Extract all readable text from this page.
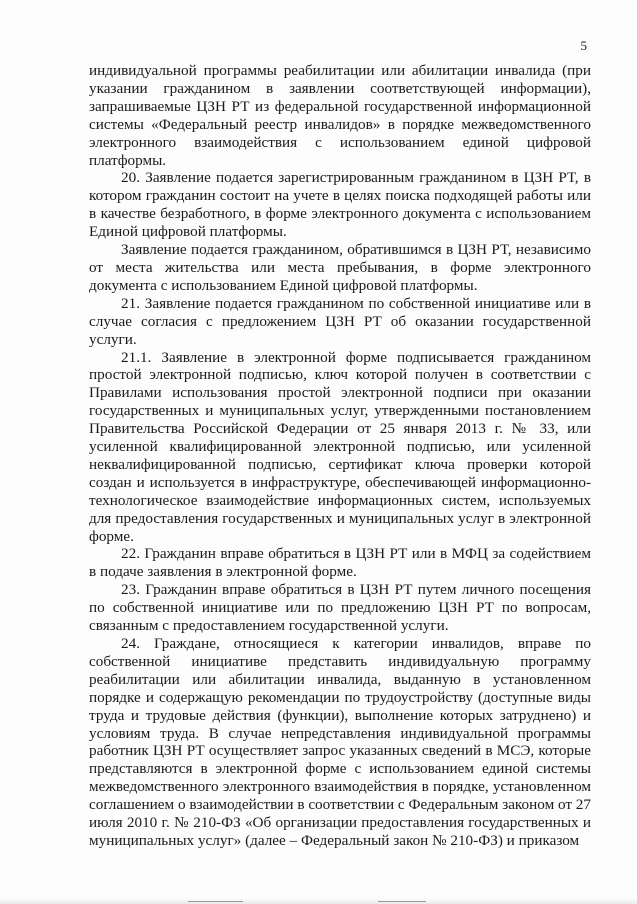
5

индивидуальной программы реабилитации или абилитации инвалида (при указании гражданином в заявлении соответствующей информации), запрашиваемые ЦЗН РТ из федеральной государственной информационной системы «Федеральный реестр инвалидов» в порядке межведомственного электронного взаимодействия с использованием единой цифровой платформы.

20. Заявление подается зарегистрированным гражданином в ЦЗН РТ, в котором гражданин состоит на учете в целях поиска подходящей работы или в качестве безработного, в форме электронного документа с использованием Единой цифровой платформы.

Заявление подается гражданином, обратившимся в ЦЗН РТ, независимо от места жительства или места пребывания, в форме электронного документа с использованием Единой цифровой платформы.

21. Заявление подается гражданином по собственной инициативе или в случае согласия с предложением ЦЗН РТ об оказании государственной услуги.

21.1. Заявление в электронной форме подписывается гражданином простой электронной подписью, ключ которой получен в соответствии с Правилами использования простой электронной подписи при оказании государственных и муниципальных услуг, утвержденными постановлением Правительства Российской Федерации от 25 января 2013 г. № 33, или усиленной квалифицированной электронной подписью, или усиленной неквалифицированной подписью, сертификат ключа проверки которой создан и используется в инфраструктуре, обеспечивающей информационно-технологическое взаимодействие информационных систем, используемых для предоставления государственных и муниципальных услуг в электронной форме.

22. Гражданин вправе обратиться в ЦЗН РТ или в МФЦ за содействием в подаче заявления в электронной форме.

23. Гражданин вправе обратиться в ЦЗН РТ путем личного посещения по собственной инициативе или по предложению ЦЗН РТ по вопросам, связанным с предоставлением государственной услуги.

24. Граждане, относящиеся к категории инвалидов, вправе по собственной инициативе представить индивидуальную программу реабилитации или абилитации инвалида, выданную в установленном порядке и содержащую рекомендации по трудоустройству (доступные виды труда и трудовые действия (функции), выполнение которых затруднено) и условиям труда. В случае непредставления индивидуальной программы работник ЦЗН РТ осуществляет запрос указанных сведений в МСЭ, которые представляются в электронной форме с использованием единой системы межведомственного электронного взаимодействия в порядке, установленном соглашением о взаимодействии в соответствии с Федеральным законом от 27 июля 2010 г. № 210-ФЗ «Об организации предоставления государственных и муниципальных услуг» (далее – Федеральный закон № 210-ФЗ) и приказом
